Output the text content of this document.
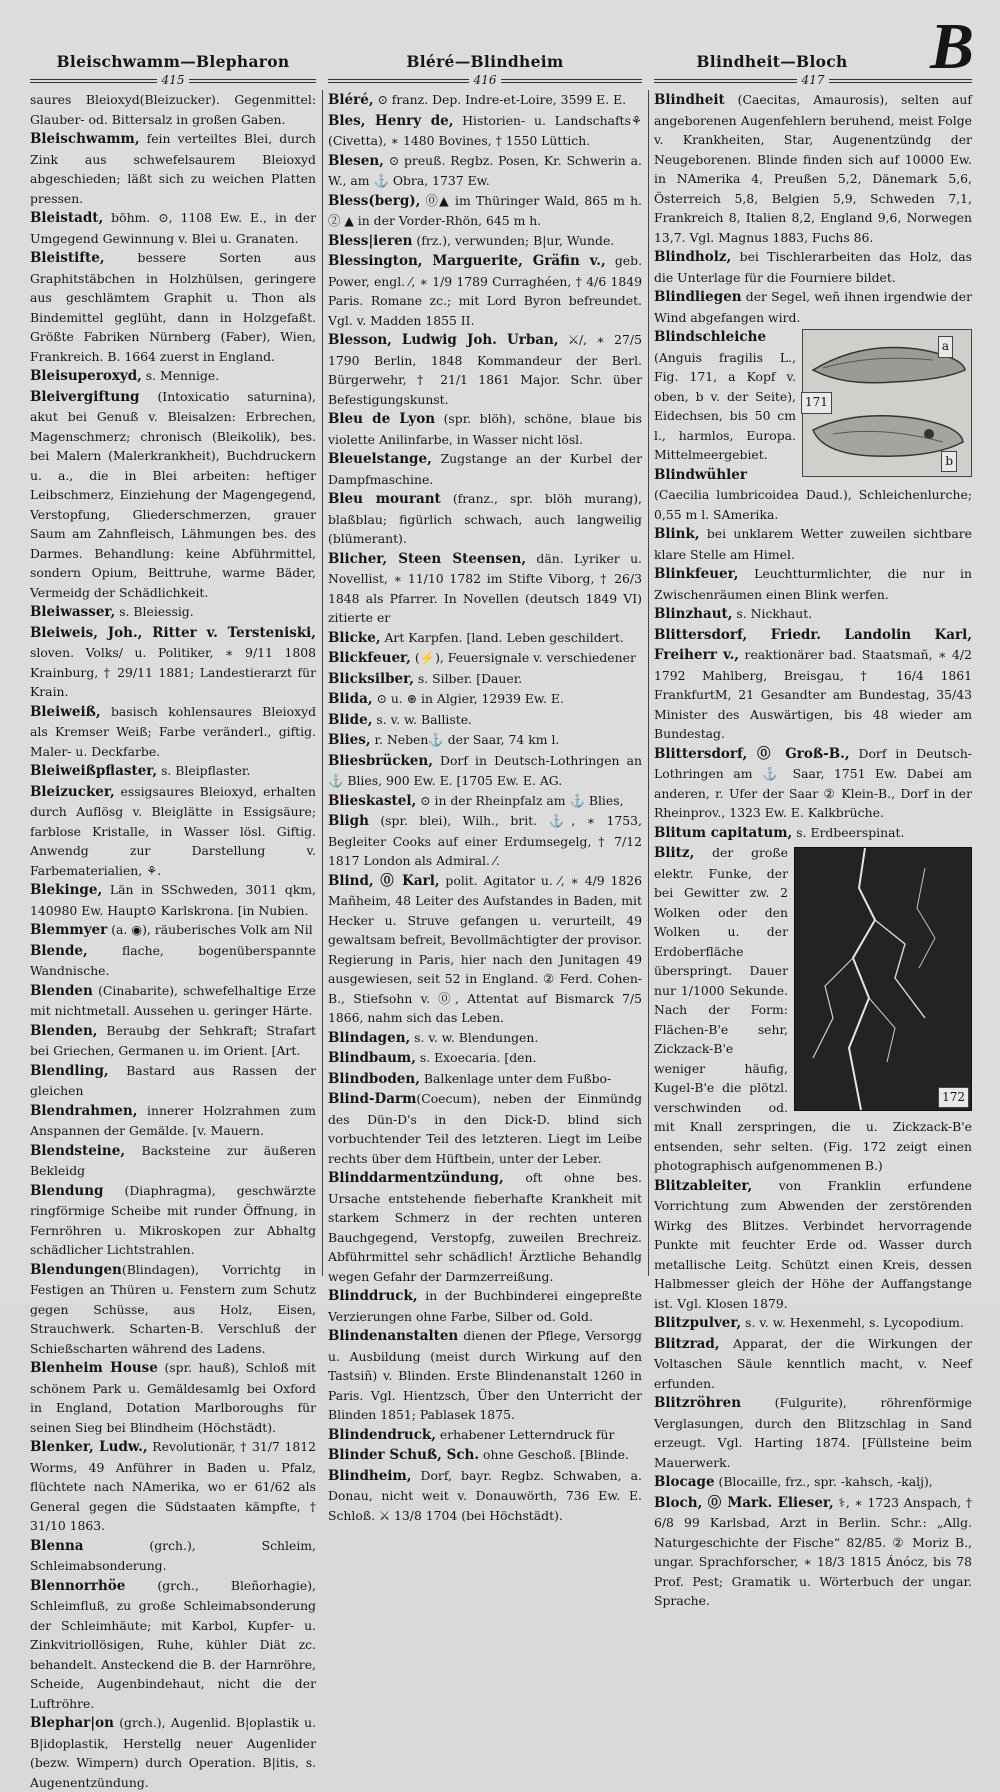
Bleischwamm—Blepharon	Bléré—Blindheim	Blindheit—Bloch	B
415	416	417

saures Bleioxyd(Bleizucker). Gegenmittel: Glauber- od. Bittersalz in großen Gaben.

Bleischwamm, fein verteiltes Blei, durch Zink aus schwefelsaurem Bleioxyd abgeschieden; läßt sich zu weichen Platten pressen.

Bleistadt, böhm. ⊙, 1108 Ew. E., in der Umgegend Gewinnung v. Blei u. Granaten.

Bleistifte, bessere Sorten aus Graphitstäbchen in Holzhülsen, geringere aus geschlämtem Graphit u. Thon als Bindemittel geglüht, dann in Holzgefaßt. Größte Fabriken Nürnberg (Faber), Wien, Frankreich. B. 1664 zuerst in England.

Bleisuperoxyd, s. Mennige.

Bleivergiftung (Intoxicatio saturnina), akut bei Genuß v. Bleisalzen: Erbrechen, Magenschmerz; chronisch (Bleikolik), bes. bei Malern (Malerkrankheit), Buchdruckern u. a., die in Blei arbeiten: heftiger Leibschmerz, Einziehung der Magengegend, Verstopfung, Gliederschmerzen, grauer Saum am Zahnfleisch, Lähmungen bes. des Darmes. Behandlung: keine Abführmittel, sondern Opium, Beittruhe, warme Bäder, Vermeidg der Schädlichkeit.

Bleiwasser, s. Bleiessig.

Bleiweis, Joh., Ritter v. Tersteniski, sloven. Volks/ u. Politiker, ∗ 9/11 1808 Krainburg, † 29/11 1881; Landestierarzt für Krain.

Bleiweiß, basisch kohlensaures Bleioxyd als Kremser Weiß; Farbe veränderl., giftig. Maler- u. Deckfarbe.

Bleiweißpflaster, s. Bleipflaster.

Bleizucker, essigsaures Bleioxyd, erhalten durch Auflösg v. Bleiglätte in Essigsäure; farblose Kristalle, in Wasser lösl. Giftig. Anwendg zur Darstellung v. Farbematerialien, ⚘.

Blekinge, Län in SSchweden, 3011 qkm, 140980 Ew. Haupt⊙ Karlskrona. [in Nubien.

Blemmyer (a. ◉), räuberisches Volk am Nil

Blende, flache, bogenüberspannte Wandnische.

Blenden (Cinabarite), schwefelhaltige Erze mit nichtmetall. Aussehen u. geringer Härte.

Blenden, Beraubg der Sehkraft; Strafart bei Griechen, Germanen u. im Orient. [Art.

Blendling, Bastard aus Rassen der gleichen

Blendrahmen, innerer Holzrahmen zum Anspannen der Gemälde. [v. Mauern.

Blendsteine, Backsteine zur äußeren Bekleidg

Blendung (Diaphragma), geschwärzte ringförmige Scheibe mit runder Öffnung, in Fernröhren u. Mikroskopen zur Abhaltg schädlicher Lichtstrahlen.

Blendungen(Blindagen), Vorrichtg in Festigen an Thüren u. Fenstern zum Schutz gegen Schüsse, aus Holz, Eisen, Strauchwerk. Scharten-B. Verschluß der Schießscharten während des Ladens.

Blenheim House (spr. hauß), Schloß mit schönem Park u. Gemäldesamlg bei Oxford in England, Dotation Marlboroughs für seinen Sieg bei Blindheim (Höchstädt).

Blenker, Ludw., Revolutionär, † 31/7 1812 Worms, 49 Anführer in Baden u. Pfalz, flüchtete nach NAmerika, wo er 61/62 als General gegen die Südstaaten kämpfte, † 31/10 1863.

Blenna (grch.), Schleim, Schleimabsonderung.

Blennorrhöe (grch., Bleñorhagie), Schleimfluß, zu große Schleimabsonderung der Schleimhäute; mit Karbol, Kupfer- u. Zinkvitriollösigen, Ruhe, kühler Diät zc. behandelt. Ansteckend die B. der Harnröhre, Scheide, Augenbindehaut, nicht die der Luftröhre.

Blephar|on (grch.), Augenlid. B|oplastik u. B|idoplastik, Herstellg neuer Augenlider (bezw. Wimpern) durch Operation. B|itis, s. Augenentzündung.

Bléré, ⊙ franz. Dep. Indre-et-Loire, 3599 E. E.

Bles, Henry de, Historien- u. Landschafts⚘ (Civetta), ∗ 1480 Bovines, † 1550 Lüttich.

Blesen, ⊙ preuß. Regbz. Posen, Kr. Schwerin a. W., am ⚓ Obra, 1737 Ew.

Bless(berg), ⓪▲ im Thüringer Wald, 865 m h. ② ▲ in der Vorder-Rhön, 645 m h.

Bless|ieren (frz.), verwunden; B|ur, Wunde.

Blessington, Marguerite, Gräfin v., geb. Power, engl. ⁄, ∗ 1/9 1789 Curraghéen, † 4/6 1849 Paris. Romane zc.; mit Lord Byron befreundet. Vgl. v. Madden 1855 II.

Blesson, Ludwig Joh. Urban, ⚔/, ∗ 27/5 1790 Berlin, 1848 Kommandeur der Berl. Bürgerwehr, † 21/1 1861 Major. Schr. über Befestigungskunst.

Bleu de Lyon (spr. blöh), schöne, blaue bis violette Anilinfarbe, in Wasser nicht lösl.

Bleuelstange, Zugstange an der Kurbel der Dampfmaschine.

Bleu mourant (franz., spr. blöh murang), blaßblau; figürlich schwach, auch langweilig (blümerant).

Blicher, Steen Steensen, dän. Lyriker u. Novellist, ∗ 11/10 1782 im Stifte Viborg, † 26/3 1848 als Pfarrer. In Novellen (deutsch 1849 VI) zitierte er

Blicke, Art Karpfen. [land. Leben geschildert.

Blickfeuer, (⚡), Feuersignale v. verschiedener

Blicksilber, s. Silber. [Dauer.

Blida, ⊙ u. ⊛ in Algier, 12939 Ew. E.

Blide, s. v. w. Balliste.

Blies, r. Neben⚓ der Saar, 74 km l.

Bliesbrücken, Dorf in Deutsch-Lothringen an ⚓ Blies, 900 Ew. E. [1705 Ew. E. AG.

Blieskastel, ⊙ in der Rheinpfalz am ⚓ Blies,

Bligh (spr. blei), Wilh., brit. ⚓, ∗ 1753, Begleiter Cooks auf einer Erdumsegelg, † 7/12 1817 London als Admiral. ⁄.

Blind, ⓪ Karl, polit. Agitator u. ⁄, ∗ 4/9 1826 Mañheim, 48 Leiter des Aufstandes in Baden, mit Hecker u. Struve gefangen u. verurteilt, 49 gewaltsam befreit, Bevollmächtigter der provisor. Regierung in Paris, hier nach den Junitagen 49 ausgewiesen, seit 52 in England. ② Ferd. Cohen-B., Stiefsohn v. ⓪, Attentat auf Bismarck 7/5 1866, nahm sich das Leben.

Blindagen, s. v. w. Blendungen.

Blindbaum, s. Exoecaria. [den.

Blindboden, Balkenlage unter dem Fußbo-

Blind-Darm(Coecum), neben der Einmündg des Dün-D's in den Dick-D. blind sich vorbuchtender Teil des letzteren. Liegt im Leibe rechts über dem Hüftbein, unter der Leber.

Blinddarmentzündung, oft ohne bes. Ursache entstehende fieberhafte Krankheit mit starkem Schmerz in der rechten unteren Bauchgegend, Verstopfg, zuweilen Brechreiz. Abführmittel sehr schädlich! Ärztliche Behandlg wegen Gefahr der Darmzerreißung.

Blinddruck, in der Buchbinderei eingepreßte Verzierungen ohne Farbe, Silber od. Gold.

Blindenanstalten dienen der Pflege, Versorgg u. Ausbildung (meist durch Wirkung auf den Tastsiñ) v. Blinden. Erste Blindenanstalt 1260 in Paris. Vgl. Hientzsch, Über den Unterricht der Blinden 1851; Pablasek 1875.

Blindendruck, erhabener Letterndruck für

Blinder Schuß, Sch. ohne Geschoß. [Blinde.

Blindheim, Dorf, bayr. Regbz. Schwaben, a. Donau, nicht weit v. Donauwörth, 736 Ew. E. Schloß. ⚔ 13/8 1704 (bei Höchstädt).

Blindheit (Caecitas, Amaurosis), selten auf angeborenen Augenfehlern beruhend, meist Folge v. Krankheiten, Star, Augenentzündg der Neugeborenen. Blinde finden sich auf 10000 Ew. in NAmerika 4, Preußen 5,2, Dänemark 5,6, Österreich 5,8, Belgien 5,9, Schweden 7,1, Frankreich 8, Italien 8,2, England 9,6, Norwegen 13,7. Vgl. Magnus 1883, Fuchs 86.

Blindholz, bei Tischlerarbeiten das Holz, das die Unterlage für die Fourniere bildet.

Blindliegen der Segel, weñ ihnen irgendwie der Wind abgefangen wird.

a
b
171

Blindschleiche (Anguis fragilis L., Fig. 171, a Kopf v. oben, b v. der Seite), Eidechsen, bis 50 cm l., harmlos, Europa. Mittelmeergebiet.

Blindwühler (Caecilia lumbricoidea Daud.), Schleichenlurche; 0,55 m l. SAmerika.

Blink, bei unklarem Wetter zuweilen sichtbare klare Stelle am Himel.

Blinkfeuer, Leuchtturmlichter, die nur in Zwischenräumen einen Blink werfen.

Blinzhaut, s. Nickhaut.

Blittersdorf, Friedr. Landolin Karl, Freiherr v., reaktionärer bad. Staatsmañ, ∗ 4/2 1792 Mahlberg, Breisgau, † 16/4 1861 FrankfurtM, 21 Gesandter am Bundestag, 35/43 Minister des Auswärtigen, bis 48 wieder am Bundestag.

Blittersdorf, ⓪ Groß-B., Dorf in Deutsch-Lothringen am ⚓ Saar, 1751 Ew. Dabei am anderen, r. Ufer der Saar ② Klein-B., Dorf in der Rheinprov., 1323 Ew. E. Kalkbrüche.

Blitum capitatum, s. Erdbeerspinat.

172

Blitz, der große elektr. Funke, der bei Gewitter zw. 2 Wolken oder den Wolken u. der Erdoberfläche überspringt. Dauer nur 1/1000 Sekunde. Nach der Form: Flächen-B'e sehr, Zickzack-B'e weniger häufig, Kugel-B'e die plötzl. verschwinden od. mit Knall zerspringen, die u. Zickzack-B'e entsenden, sehr selten. (Fig. 172 zeigt einen photographisch aufgenommenen B.)

Blitzableiter, von Franklin erfundene Vorrichtung zum Abwenden der zerstörenden Wirkg des Blitzes. Verbindet hervorragende Punkte mit feuchter Erde od. Wasser durch metallische Leitg. Schützt einen Kreis, dessen Halbmesser gleich der Höhe der Auffangstange ist. Vgl. Klosen 1879.

Blitzpulver, s. v. w. Hexenmehl, s. Lycopodium.

Blitzrad, Apparat, der die Wirkungen der Voltaschen Säule kenntlich macht, v. Neef erfunden.

Blitzröhren (Fulgurite), röhrenförmige Verglasungen, durch den Blitzschlag in Sand erzeugt. Vgl. Harting 1874. [Füllsteine beim Mauerwerk.

Blocage (Blocaille, frz., spr. -kahsch, -kalj),

Bloch, ⓪ Mark. Elieser, ⚕, ∗ 1723 Anspach, † 6/8 99 Karlsbad, Arzt in Berlin. Schr.: „Allg. Naturgeschichte der Fische“ 82/85. ② Moriz B., ungar. Sprachforscher, ∗ 18/3 1815 Ánócz, bis 78 Prof. Pest; Gramatik u. Wörterbuch der ungar. Sprache.
